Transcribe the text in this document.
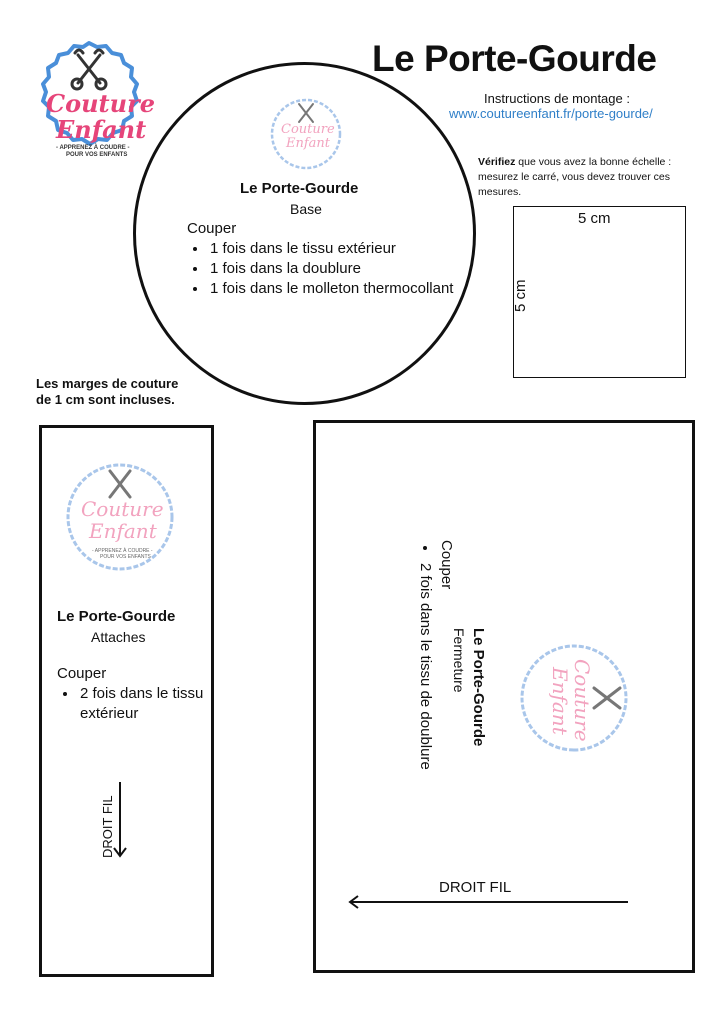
Couture
Enfant
- APPRENEZ À COUDRE -
POUR VOS ENFANTS
Le Porte-Gourde
Instructions de montage :
www.coutureenfant.fr/porte-gourde/
Vérifiez que vous avez la bonne échelle : mesurez le carré, vous devez trouver ces mesures.
5 cm
5 cm
Couture
Enfant
Le Porte-Gourde
Base
Couper
• 1 fois dans le tissu extérieur
• 1 fois dans la doublure
• 1 fois dans le molleton thermocollant
Les marges de couture
de 1 cm sont incluses.
Couture
Enfant
- APPRENEZ À COUDRE -
POUR VOS ENFANTS
Le Porte-Gourde
Attaches
Couper
• 2 fois dans le tissu extérieur
DROIT FIL
Couper
• 2 fois dans le tissu de doublure Le Porte-Gourde
Fermeture	Couture
Enfant
DROIT FIL
